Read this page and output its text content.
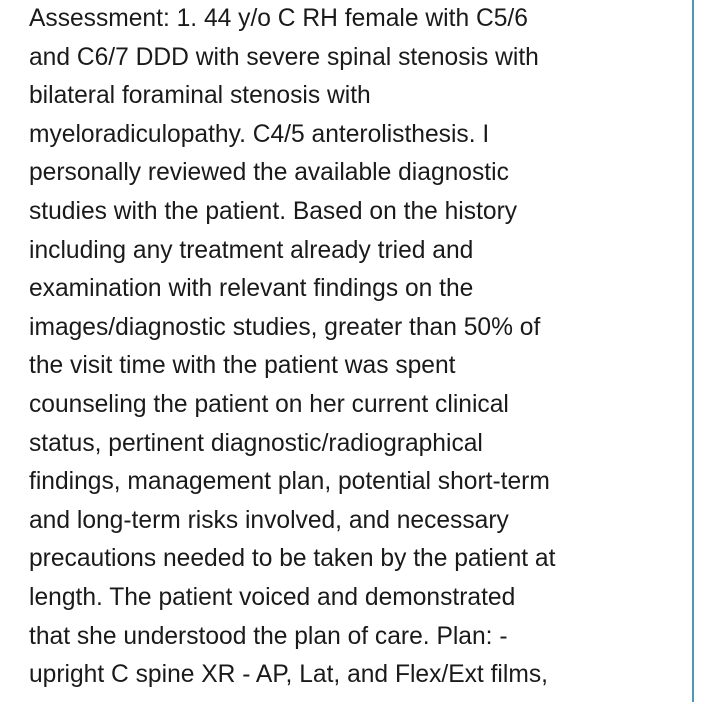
Assessment: 1. 44 y/o C RH female with C5/6
and C6/7 DDD with severe spinal stenosis with
bilateral foraminal stenosis with
myeloradiculopathy. C4/5 anterolisthesis. I
personally reviewed the available diagnostic
studies with the patient. Based on the history
including any treatment already tried and
examination with relevant findings on the
images/diagnostic studies, greater than 50% of
the visit time with the patient was spent
counseling the patient on her current clinical
status, pertinent diagnostic/radiographical
findings, management plan, potential short-term
and long-term risks involved, and necessary
precautions needed to be taken by the patient at
length. The patient voiced and demonstrated
that she understood the plan of care. Plan: -
upright C spine XR - AP, Lat, and Flex/Ext films,
